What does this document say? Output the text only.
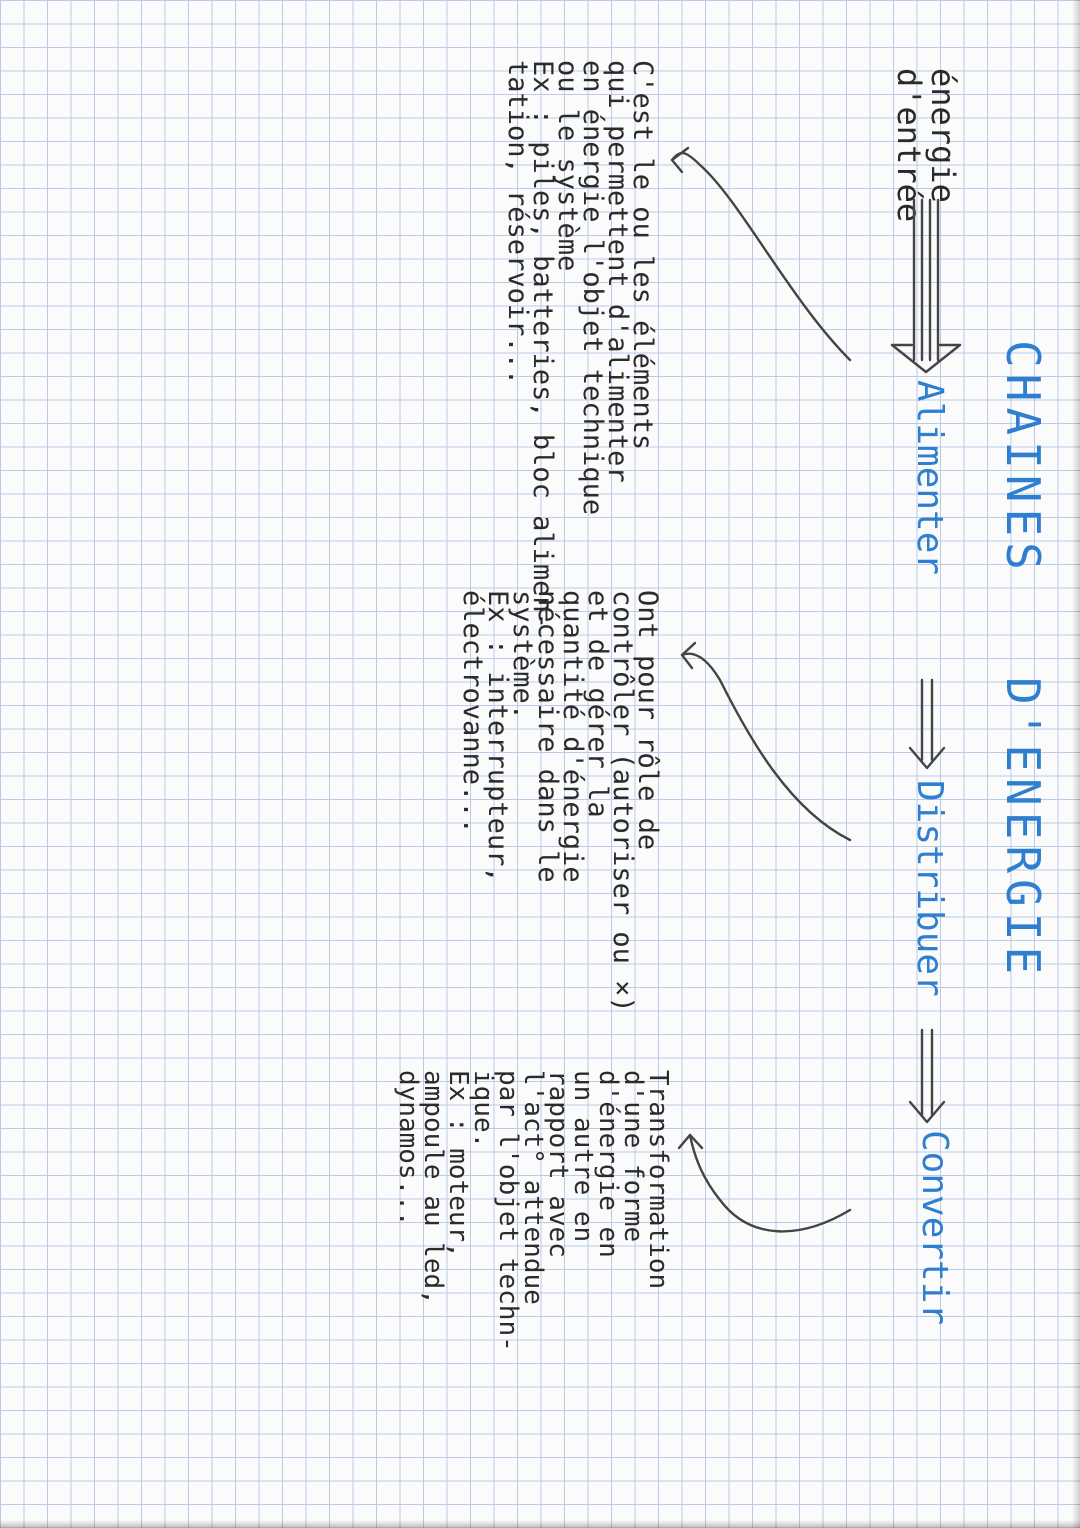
CHAINES   D'ENERGIE
énergie
d'entrée
Alimenter
Distribuer
Convertir
C'est le ou les éléments
qui permettent d'alimenter
en énergie l'objet technique
ou le système
Ex : piles, batteries, bloc alimen-
tation, réservoir...
Ont pour rôle de
contrôler (autoriser ou ×)
et de gérer la
quantité d'énergie
nécessaire dans le
système.
Ex : interrupteur,
électrovanne...
Transformation
d'une forme
d'énergie en
un autre en
rapport avec
l'act° attendue
par l'objet techn-
ique.
Ex : moteur,
ampoule au led,
dynamos...
